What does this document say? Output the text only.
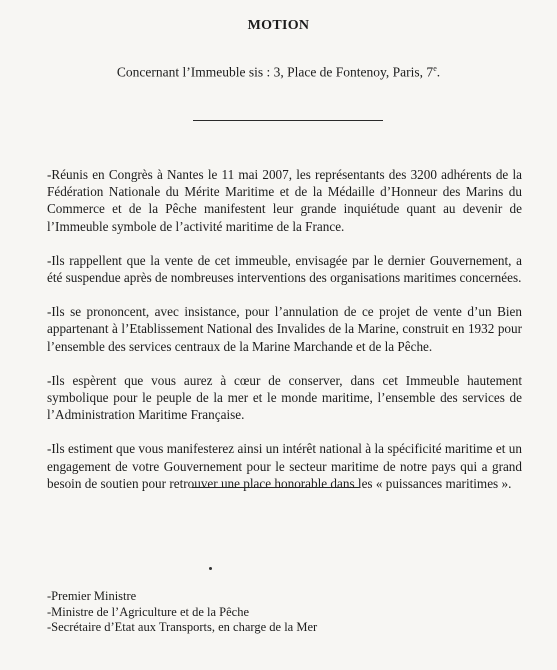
MOTION
Concernant l’Immeuble sis : 3, Place de Fontenoy, Paris, 7e.

-Réunis en Congrès à Nantes le 11 mai 2007, les représentants des 3200 adhérents de la Fédération Nationale du Mérite Maritime et de la Médaille d’Honneur des Marins du Commerce et de la Pêche manifestent leur grande inquiétude quant au devenir de l’Immeuble symbole de l’activité maritime de la France.

-Ils rappellent que la vente de cet immeuble, envisagée par le dernier Gouvernement, a été suspendue après de nombreuses interventions des organisations maritimes concernées.

-Ils se prononcent, avec insistance, pour l’annulation de ce projet de vente d’un Bien appartenant à l’Etablissement National des Invalides de la Marine, construit en 1932 pour l’ensemble des services centraux de la Marine Marchande et de la Pêche.

-Ils espèrent que vous aurez à cœur de conserver, dans cet Immeuble hautement symbolique pour le peuple de la mer et le monde maritime, l’ensemble des services de l’Administration Maritime Française.

-Ils estiment que vous manifesterez ainsi un intérêt national à la spécificité maritime et un engagement de votre Gouvernement pour le secteur maritime de notre pays qui a grand besoin de soutien pour retrouver une place honorable dans les « puissances maritimes ».

-Premier Ministre
-Ministre de l’Agriculture et de la Pêche
-Secrétaire d’Etat aux Transports, en charge de la Mer
